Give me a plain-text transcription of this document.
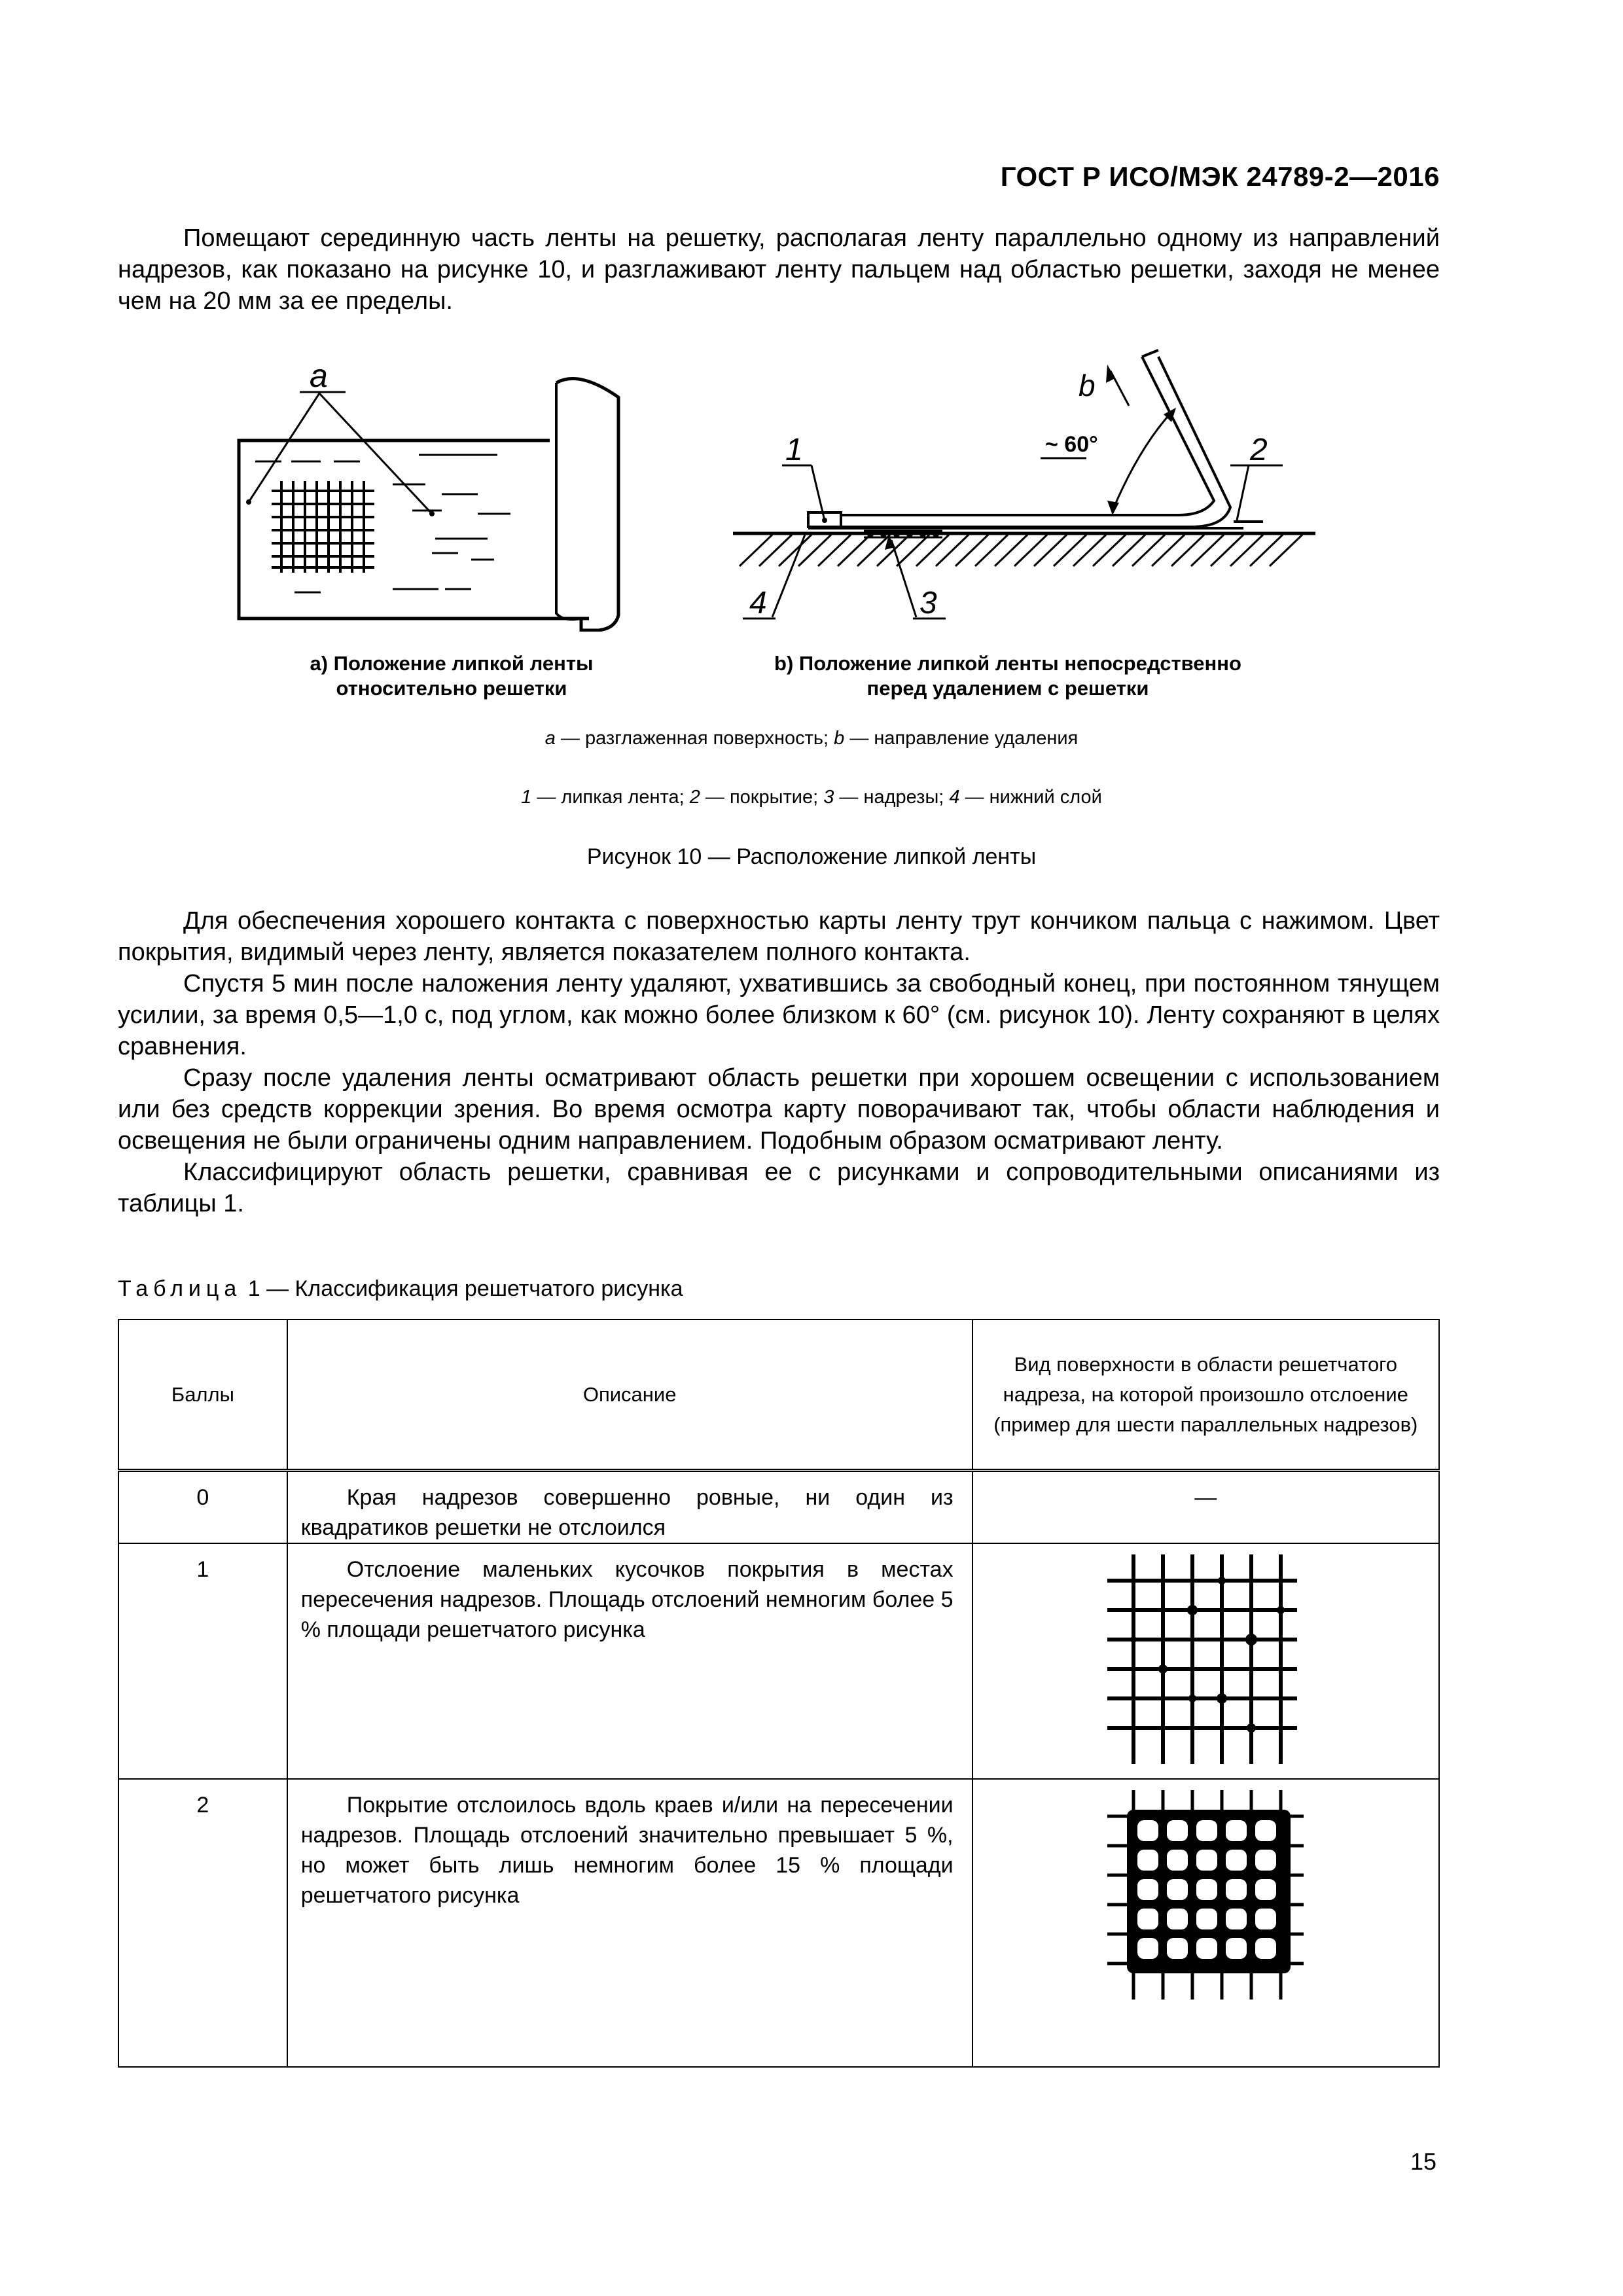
ГОСТ Р ИСО/МЭК 24789-2—2016

Помещают серединную часть ленты на решетку, располагая ленту параллельно одному из направлений надрезов, как показано на рисунке 10, и разглаживают ленту пальцем над областью решетки, заходя не менее чем на 20 мм за ее пределы.

a
~ 60°
b
1	2
3
4
а) Положение липкой ленты
относительно решетки
b) Положение липкой ленты непосредственно
перед удалением с решетки
a — разглаженная поверхность; b — направление удаления
1 — липкая лента; 2 — покрытие; 3 — надрезы; 4 — нижний слой
Рисунок 10 — Расположение липкой ленты

Для обеспечения хорошего контакта с поверхностью карты ленту трут кончиком пальца с нажимом. Цвет покрытия, видимый через ленту, является показателем полного контакта.

Спустя 5 мин после наложения ленту удаляют, ухватившись за свободный конец, при постоянном тянущем усилии, за время 0,5—1,0 с, под углом, как можно более близком к 60° (см. рисунок 10). Ленту сохраняют в целях сравнения.

Сразу после удаления ленты осматривают область решетки при хорошем освещении с использованием или без средств коррекции зрения. Во время осмотра карту поворачивают так, чтобы области наблюдения и освещения не были ограничены одним направлением. Подобным образом осматривают ленту.

Классифицируют область решетки, сравнивая ее с рисунками и сопроводительными описаниями из таблицы 1.

Таблица 1 — Классификация решетчатого рисунка
Баллы	Описание	Вид поверхности в области решетчатого надреза, на которой произошло отслоение (пример для шести параллельных надрезов)
0	Края надрезов совершенно ровные, ни один из квадратиков решетки не отслоился	—
1	Отслоение маленьких кусочков покрытия в местах пересечения надрезов. Площадь отслоений немногим более 5 % площади решетчатого рисунка

2	Покрытие отслоилось вдоль краев и/или на пересечении надрезов. Площадь отслоений значительно превышает 5 %, но может быть лишь немногим более 15 % площади решетчатого рисунка

15
